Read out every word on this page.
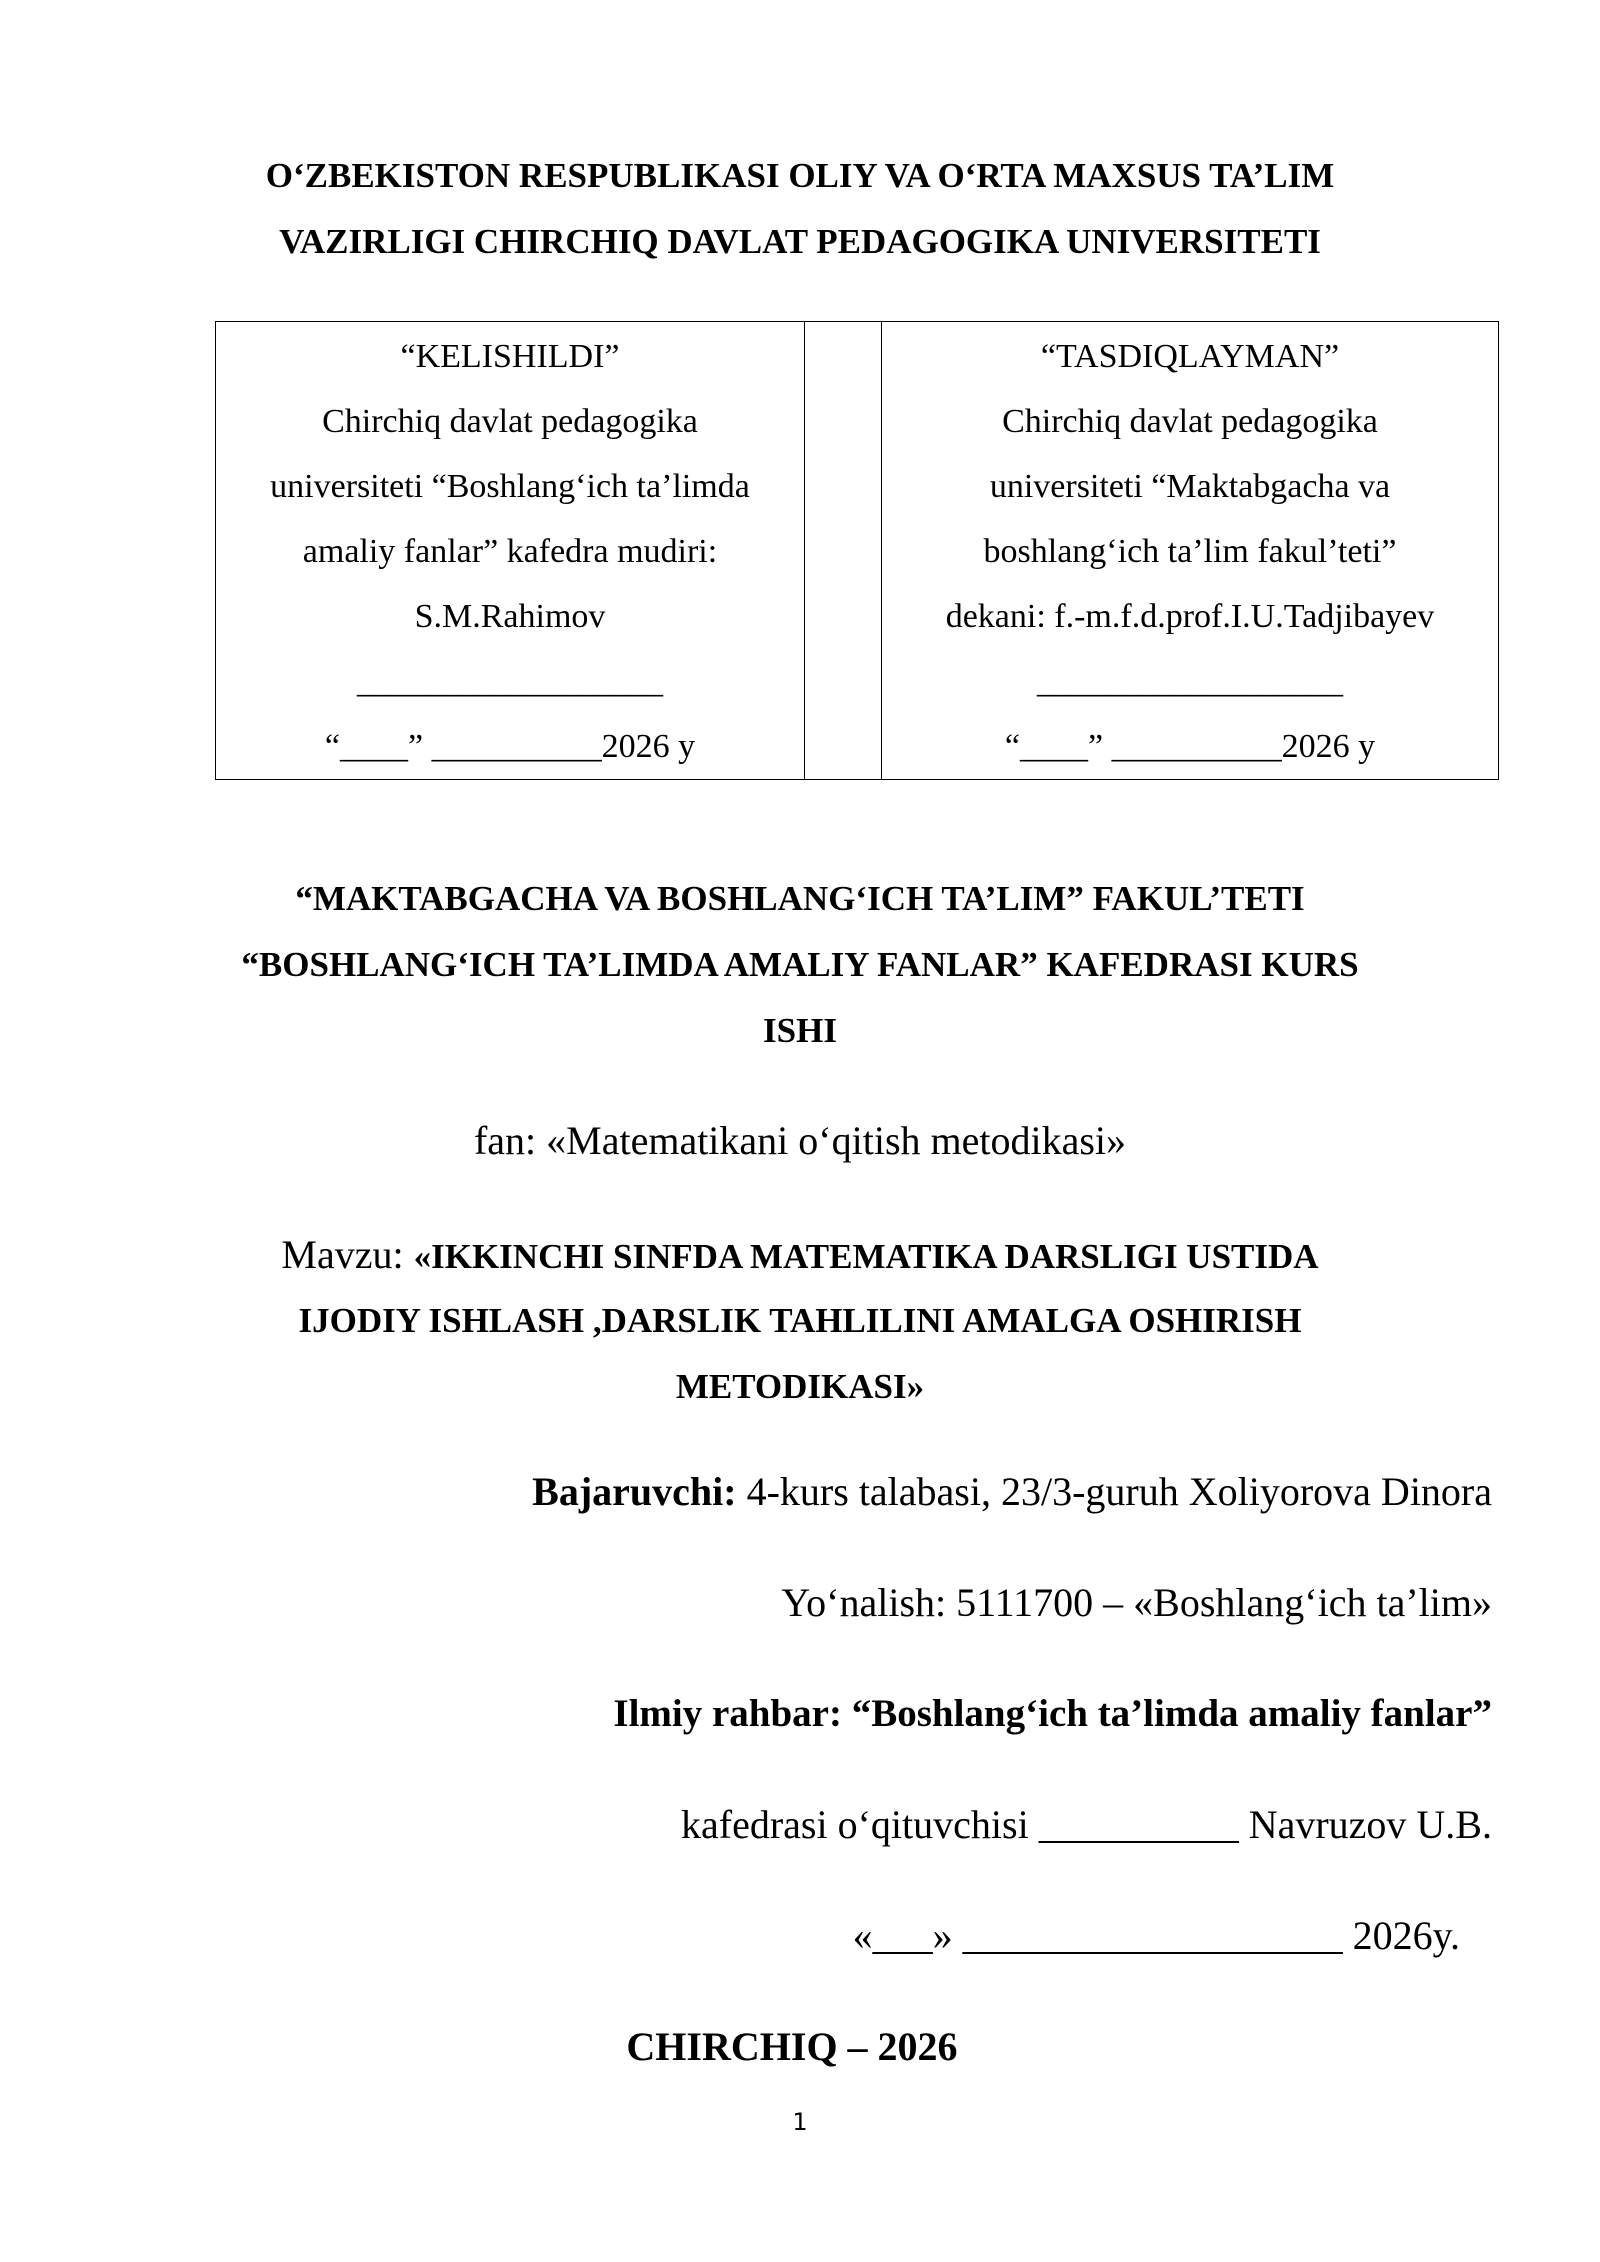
O‘ZBEKISTON RESPUBLIKASI OLIY VA O‘RTA MAXSUS TA’LIM
VAZIRLIGI CHIRCHIQ DAVLAT PEDAGOGIKA UNIVERSITETI
“KELISHILDI”
Chirchiq davlat pedagogika
universiteti “Boshlang‘ich ta’limda
amaliy fanlar” kafedra mudiri:
S.M.Rahimov
__________________
“____” __________2026 y

“TASDIQLAYMAN”
Chirchiq davlat pedagogika
universiteti “Maktabgacha va
boshlang‘ich ta’lim fakul’teti”
dekani: f.-m.f.d.prof.I.U.Tadjibayev
__________________
“____” __________2026 y
“MAKTABGACHA VA BOSHLANG‘ICH TA’LIM” FAKUL’TETI
“BOSHLANG‘ICH TA’LIMDA AMALIY FANLAR” KAFEDRASI KURS
ISHI
fan: «Matematikani o‘qitish metodikasi»
Mavzu: «IKKINCHI SINFDA MATEMATIKA DARSLIGI USTIDA
IJODIY ISHLASH ,DARSLIK TAHLILINI AMALGA OSHIRISH
METODIKASI»
Bajaruvchi: 4-kurs talabasi, 23/3-guruh Xoliyorova Dinora
Yo‘nalish: 5111700 – «Boshlang‘ich ta’lim»
Ilmiy rahbar: “Boshlang‘ich ta’limda amaliy fanlar”
kafedrasi o‘qituvchisi __________ Navruzov U.B.
«___» ___________________ 2026y.
CHIRCHIQ – 2026
1
